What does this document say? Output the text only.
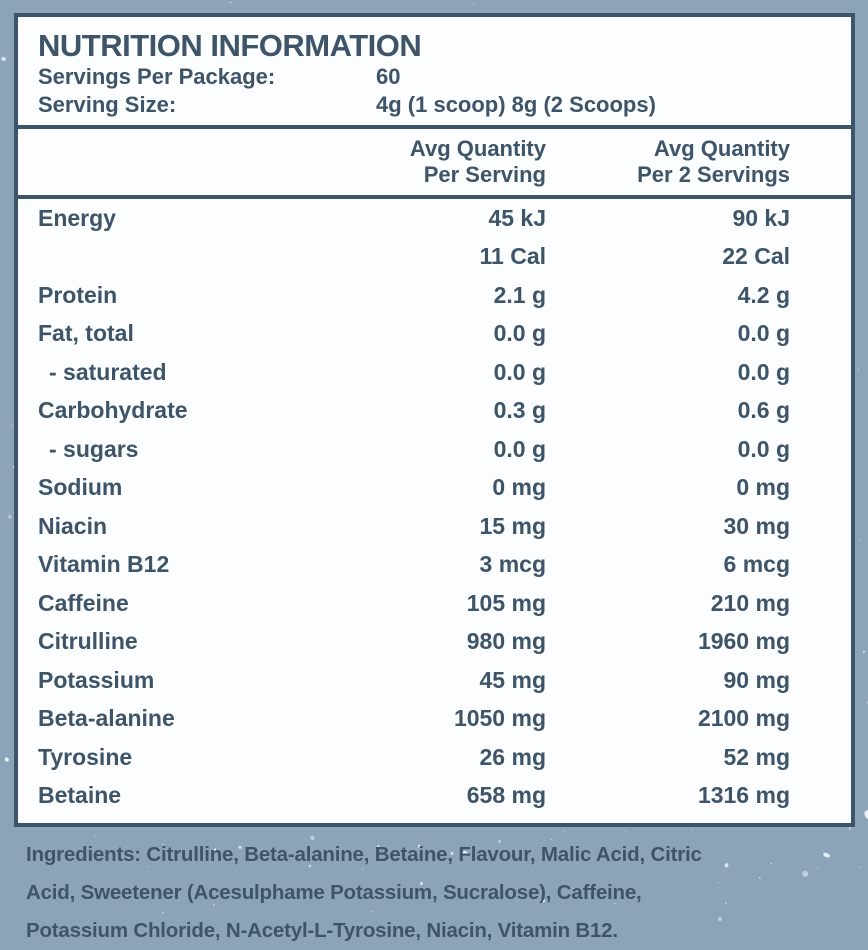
NUTRITION INFORMATION
Servings Per Package:	60
Serving Size:	4g (1 scoop) 8g (2 Scoops)
Avg Quantity
Per Serving
Avg Quantity
Per 2 Servings
Energy	45 kJ	90 kJ
11 Cal	22 Cal
Protein	2.1 g	4.2 g
Fat, total	0.0 g	0.0 g
- saturated	0.0 g	0.0 g
Carbohydrate	0.3 g	0.6 g
- sugars	0.0 g	0.0 g
Sodium	0 mg	0 mg
Niacin	15 mg	30 mg
Vitamin B12	3 mcg	6 mcg
Caffeine	105 mg	210 mg
Citrulline	980 mg	1960 mg
Potassium	45 mg	90 mg
Beta-alanine	1050 mg	2100 mg
Tyrosine	26 mg	52 mg
Betaine	658 mg	1316 mg
Ingredients: Citrulline, Beta-alanine, Betaine, Flavour, Malic Acid, Citric
Acid, Sweetener (Acesulphame Potassium, Sucralose), Caffeine,
Potassium Chloride, N-Acetyl-L-Tyrosine, Niacin, Vitamin B12.
